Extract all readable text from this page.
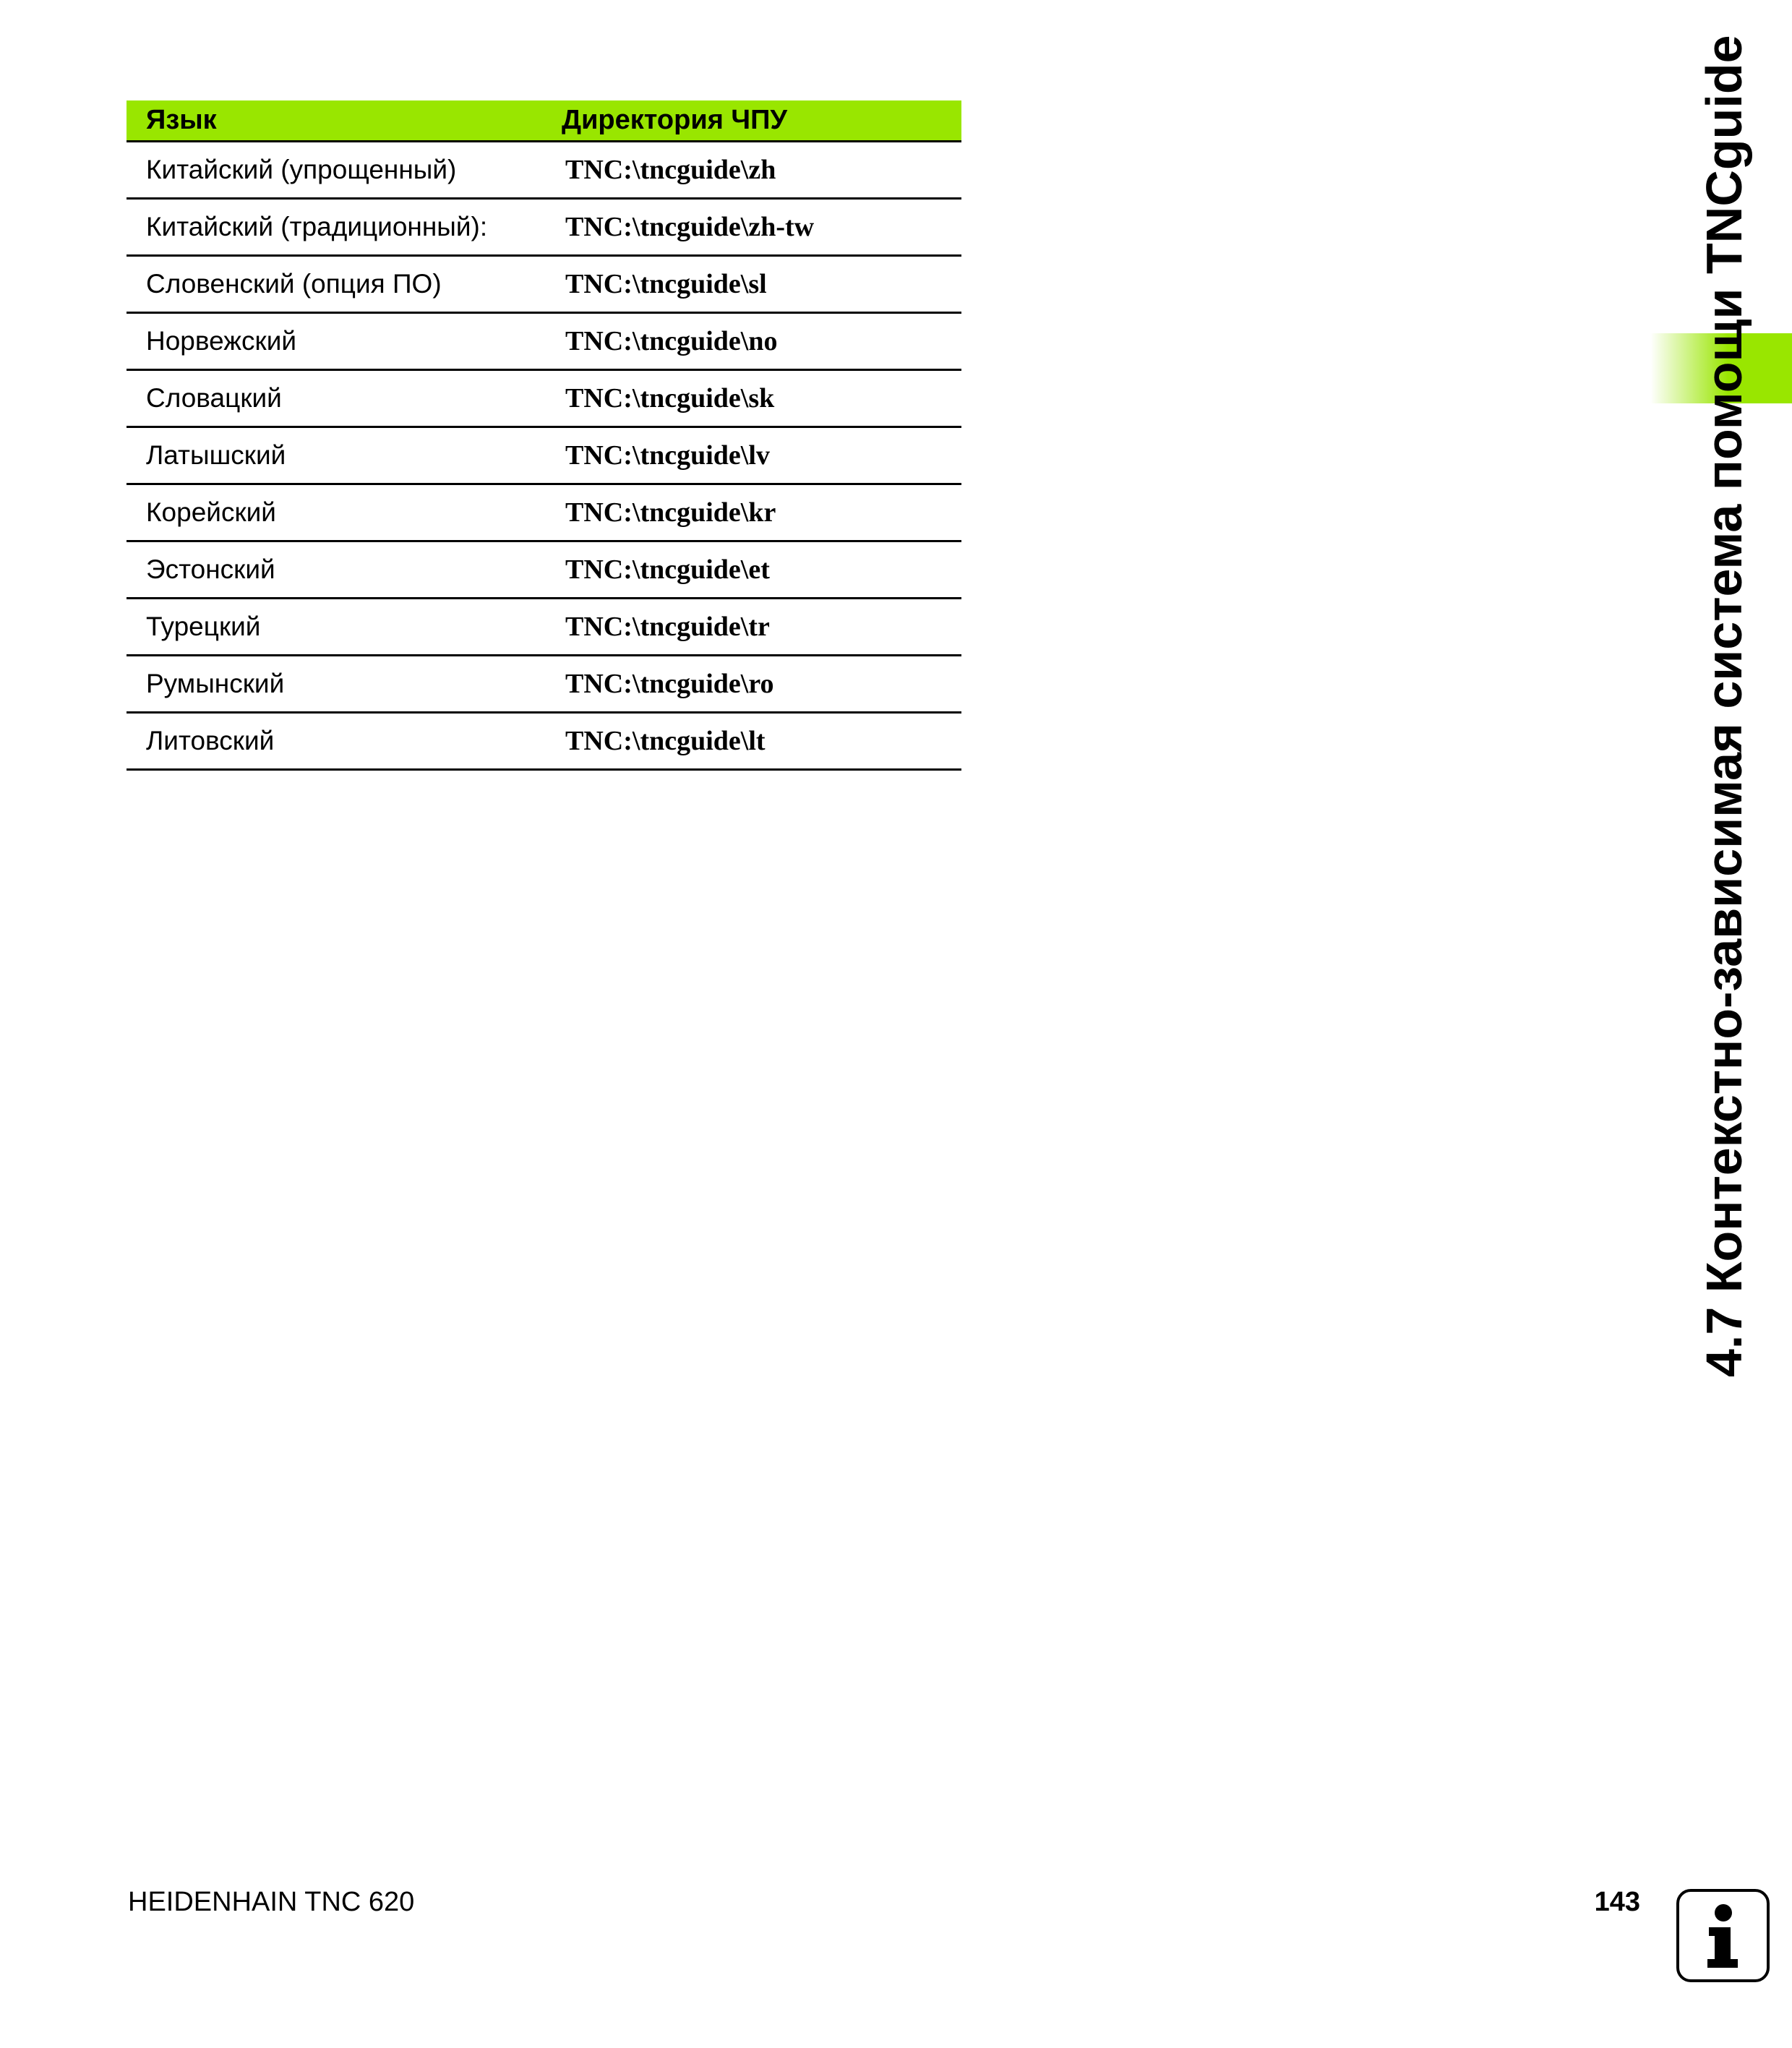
Язык	Директория ЧПУ
Китайский (упрощенный)	TNC:\tncguide\zh
Китайский (традиционный):	TNC:\tncguide\zh-tw
Словенский (опция ПО)	TNC:\tncguide\sl
Норвежский	TNC:\tncguide\no
Словацкий	TNC:\tncguide\sk
Латышский	TNC:\tncguide\lv
Корейский	TNC:\tncguide\kr
Эстонский	TNC:\tncguide\et
Турецкий	TNC:\tncguide\tr
Румынский	TNC:\tncguide\ro
Литовский	TNC:\tncguide\lt	4.7 Контекстно-зависимая система помощи TNCguide
HEIDENHAIN TNC 620	143
